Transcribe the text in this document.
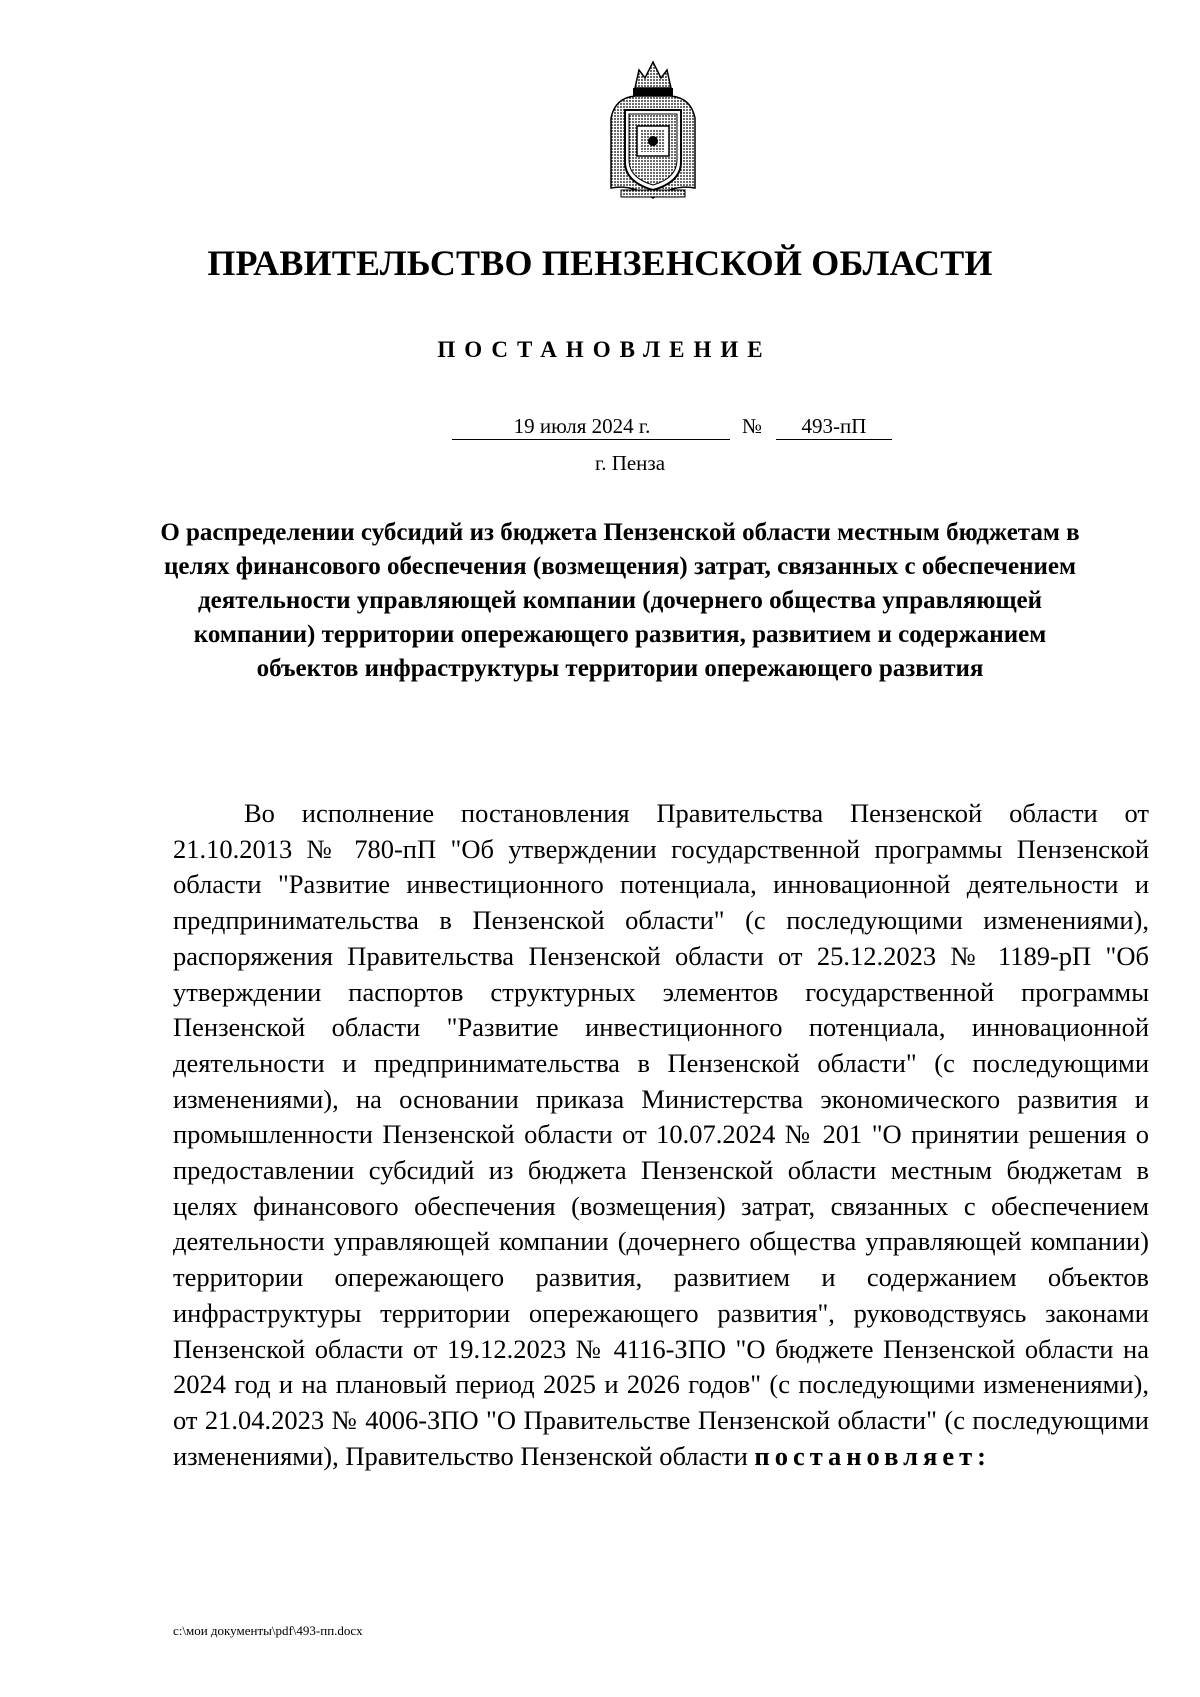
ПРАВИТЕЛЬСТВО ПЕНЗЕНСКОЙ ОБЛАСТИ
ПОСТАНОВЛЕНИЕ
19 июля 2024 г.	№	493-пП
г. Пенза
О распределении субсидий из бюджета Пензенской области местным бюджетам в целях финансового обеспечения (возмещения) затрат, связанных с обеспечением деятельности управляющей компании (дочернего общества управляющей компании) территории опережающего развития, развитием и содержанием объектов инфраструктуры территории опережающего развития

Во исполнение постановления Правительства Пензенской области от 21.10.2013 № 780-пП "Об утверждении государственной программы Пензенской области "Развитие инвестиционного потенциала, инновационной деятельности и предпринимательства в Пензенской области" (с последующими изменениями), распоряжения Правительства Пензенской области от 25.12.2023 № 1189-рП "Об утверждении паспортов структурных элементов государственной программы Пензенской области "Развитие инвестиционного потенциала, инновационной деятельности и предпринимательства в Пензенской области" (с последующими изменениями), на основании приказа Министерства экономического развития и промышленности Пензенской области от 10.07.2024 № 201 "О принятии решения о предоставлении субсидий из бюджета Пензенской области местным бюджетам в целях финансового обеспечения (возмещения) затрат, связанных с обеспечением деятельности управляющей компании (дочернего общества управляющей компании) территории опережающего развития, развитием и содержанием объектов инфраструктуры территории опережающего развития", руководствуясь законами Пензенской области от 19.12.2023 № 4116-ЗПО "О бюджете Пензенской области на 2024 год и на плановый период 2025 и 2026 годов" (с последующими изменениями), от 21.04.2023 № 4006-ЗПО "О Правительстве Пензенской области" (с последующими изменениями), Правительство Пензенской области постановляет:

c:\мои документы\pdf\493-пп.docx
